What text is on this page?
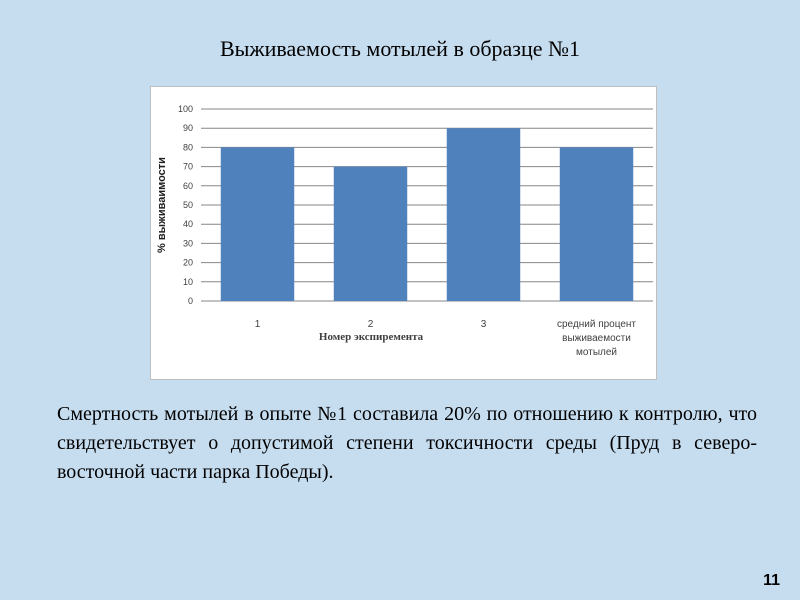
Выживаемость мотылей в образце №1
0
10
20
30
40
50
60
70
80
90
100
1	2	3	средний процент
выживаемости
мотылей
Номер экспиремента
% выживаимости
Смертность мотылей в опыте №1 составила 20% по отношению к контролю, что свидетельствует о допустимой степени токсичности среды (Пруд в северо-восточной части парка Победы).
11
